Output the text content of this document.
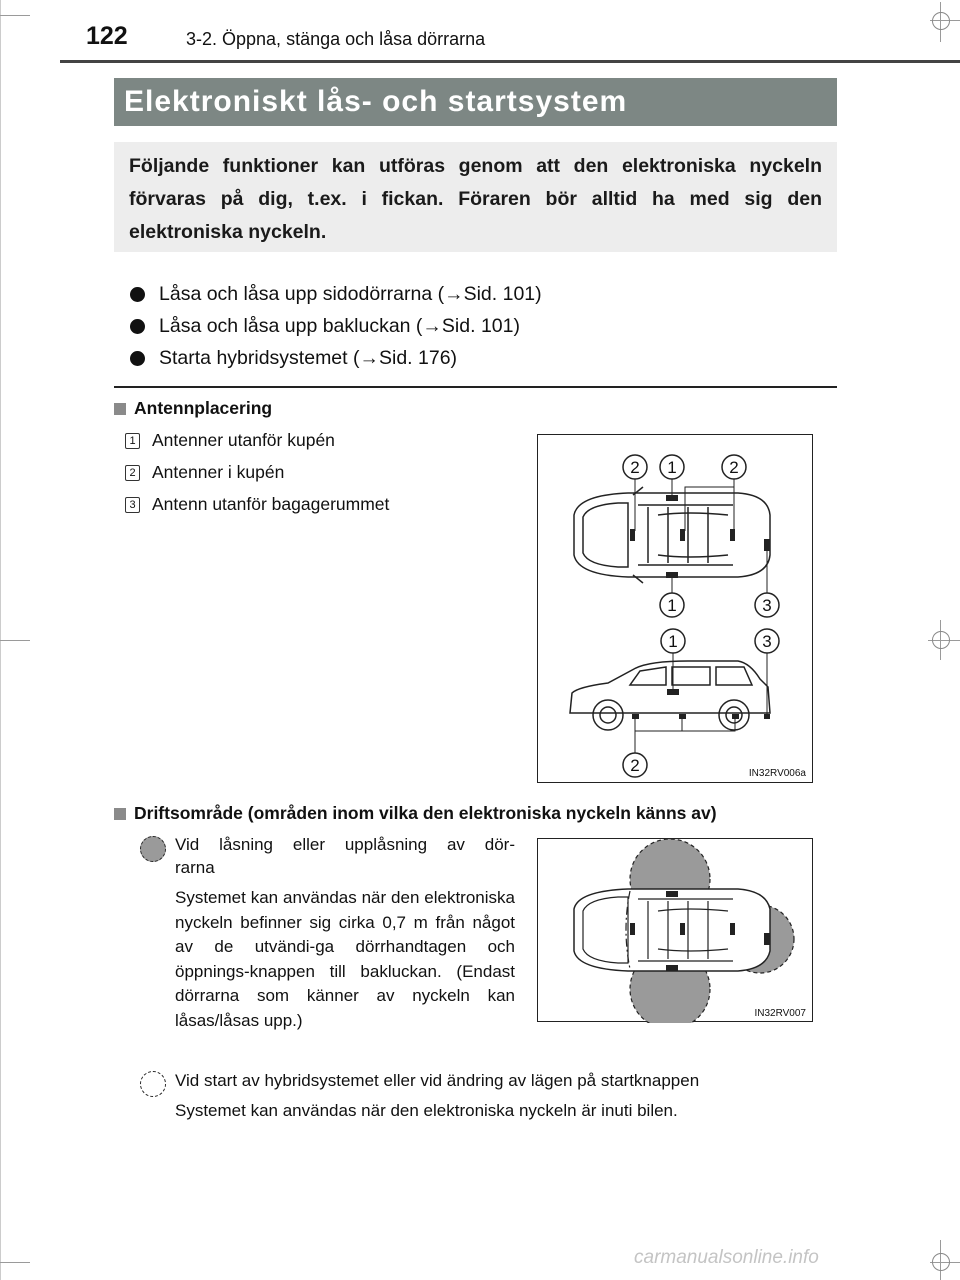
122	3-2. Öppna, stänga och låsa dörrarna
Elektroniskt lås- och startsystem

Följande funktioner kan utföras genom att den elektroniska nyckeln förvaras på dig, t.ex. i fickan. Föraren bör alltid ha med sig den elektroniska nyckeln.

Låsa och låsa upp sidodörrarna (→Sid. 101)
Låsa och låsa upp bakluckan (→Sid. 101)
Starta hybridsystemet (→Sid. 176)
Antennplacering
1 Antenner utanför kupén
2 Antenner i kupén
3 Antenn utanför bagagerummet
2 1	2
1	3
1	3
2	IN32RV006a
Driftsområde (områden inom vilka den elektroniska nyckeln känns av)
Vid låsning eller upplåsning av dör-
rarna
Systemet kan användas när den elektroniska nyckeln befinner sig cirka 0,7 m från något av de utvändi-ga dörrhandtagen och öppnings-knappen till bakluckan. (Endast dörrarna som känner av nyckeln kan låsas/låsas upp.)	IN32RV007
Vid start av hybridsystemet eller vid ändring av lägen på startknappen
Systemet kan användas när den elektroniska nyckeln är inuti bilen.
carmanualsonline.info
